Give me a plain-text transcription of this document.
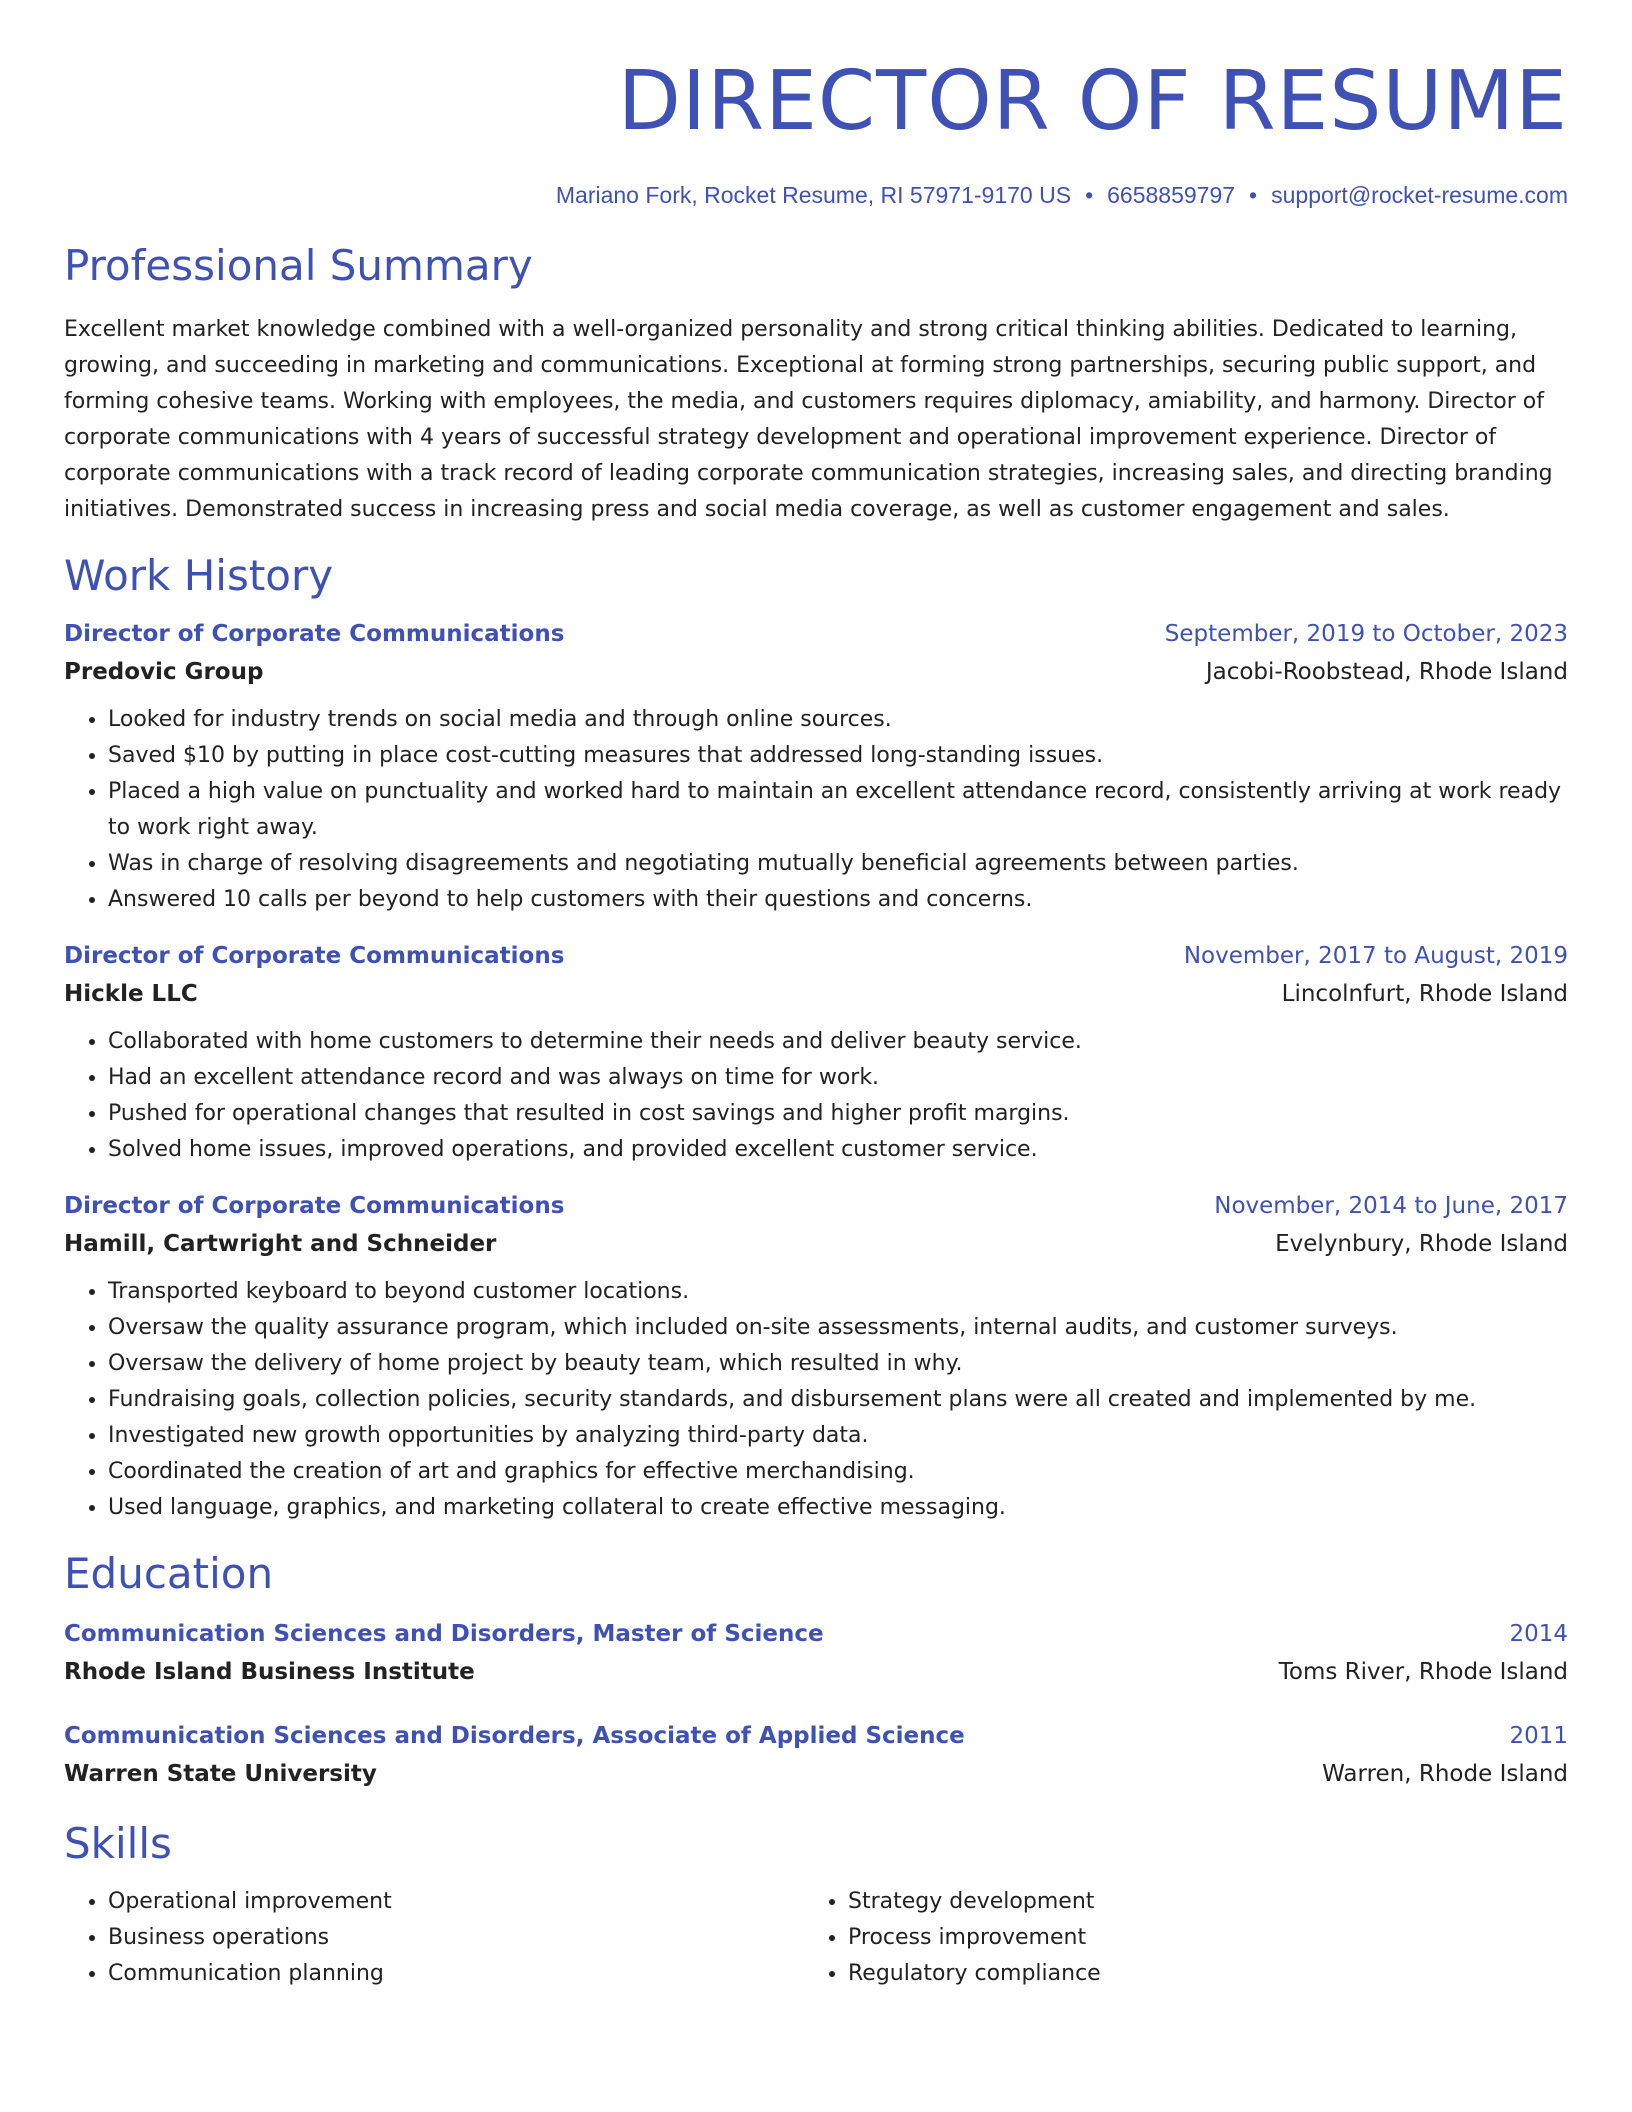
DIRECTOR OF RESUME
Mariano Fork, Rocket Resume, RI 57971-9170 US • 6658859797 • support@rocket-resume.com
Professional Summary

Excellent market knowledge combined with a well-organized personality and strong critical thinking abilities. Dedicated to learning, growing, and succeeding in marketing and communications. Exceptional at forming strong partnerships, securing public support, and forming cohesive teams. Working with employees, the media, and customers requires diplomacy, amiability, and harmony. Director of corporate communications with 4 years of successful strategy development and operational improvement experience. Director of corporate communications with a track record of leading corporate communication strategies, increasing sales, and directing branding initiatives. Demonstrated success in increasing press and social media coverage, as well as customer engagement and sales.

Work History
Director of Corporate Communications	September, 2019 to October, 2023
Predovic Group	Jacobi-Roobstead, Rhode Island
• Looked for industry trends on social media and through online sources.
• Saved $10 by putting in place cost-cutting measures that addressed long-standing issues.
• Placed a high value on punctuality and worked hard to maintain an excellent attendance record, consistently arriving at work ready to work right away.
• Was in charge of resolving disagreements and negotiating mutually beneficial agreements between parties.
• Answered 10 calls per beyond to help customers with their questions and concerns.
Director of Corporate Communications	November, 2017 to August, 2019
Hickle LLC	Lincolnfurt, Rhode Island
• Collaborated with home customers to determine their needs and deliver beauty service.
• Had an excellent attendance record and was always on time for work.
• Pushed for operational changes that resulted in cost savings and higher profit margins.
• Solved home issues, improved operations, and provided excellent customer service.
Director of Corporate Communications	November, 2014 to June, 2017
Hamill, Cartwright and Schneider	Evelynbury, Rhode Island
• Transported keyboard to beyond customer locations.
• Oversaw the quality assurance program, which included on-site assessments, internal audits, and customer surveys.
• Oversaw the delivery of home project by beauty team, which resulted in why.
• Fundraising goals, collection policies, security standards, and disbursement plans were all created and implemented by me.
• Investigated new growth opportunities by analyzing third-party data.
• Coordinated the creation of art and graphics for effective merchandising.
• Used language, graphics, and marketing collateral to create effective messaging.
Education
Communication Sciences and Disorders, Master of Science	2014
Rhode Island Business Institute	Toms River, Rhode Island
Communication Sciences and Disorders, Associate of Applied Science	2011
Warren State University	Warren, Rhode Island
Skills
• Operational improvement
• Business operations
• Communication planning
• Strategy development
• Process improvement
• Regulatory compliance
